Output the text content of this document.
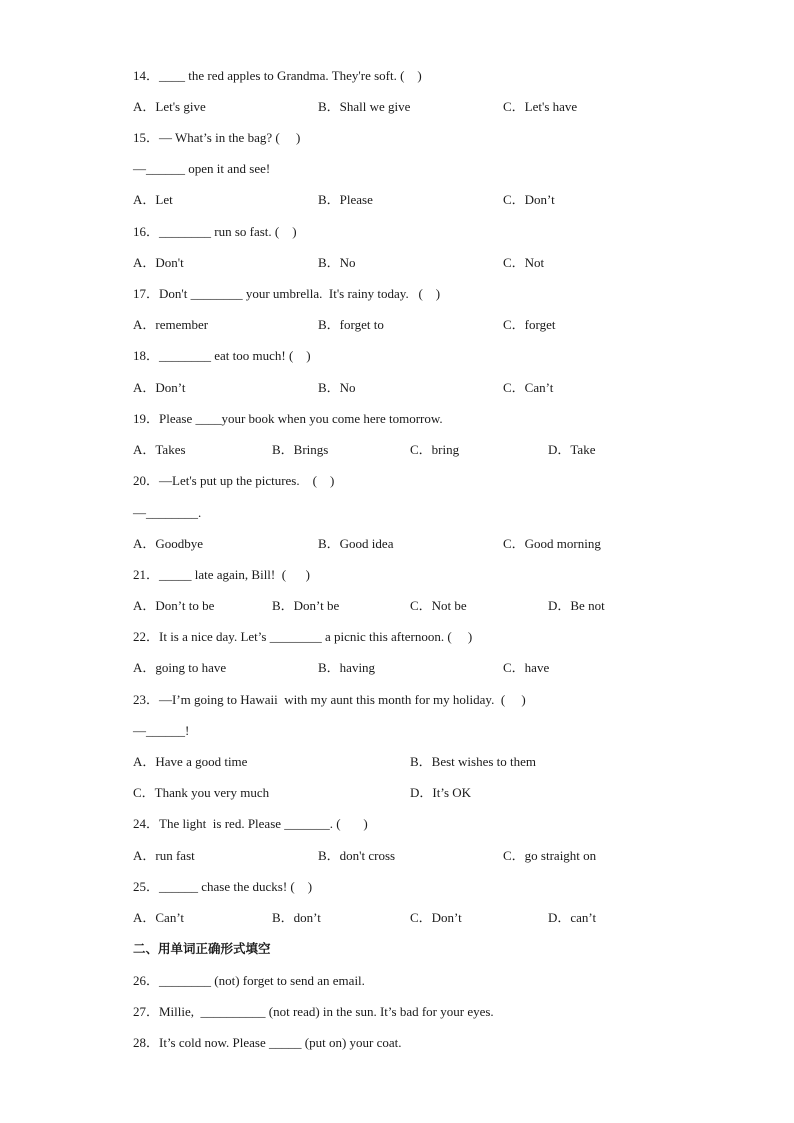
14．____ the red apples to Grandma. They're soft. (    )
A．Let's give	B．Shall we give	C．Let's have
15．— What’s in the bag? (     )
—______ open it and see!
A．Let	B．Please	C．Don’t
16．________ run so fast. (    )
A．Don't	B．No	C．Not
17．Don't ________ your umbrella.  It's rainy today.   (    )
A．remember	B．forget to	C．forget
18．________ eat too much! (    )
A．Don’t	B．No	C．Can’t
19．Please ____your book when you come here tomorrow.
A．Takes	B．Brings	C．bring	D．Take
20．—Let's put up the pictures.    (    )
—________.
A．Goodbye	B．Good idea	C．Good morning
21．_____ late again, Bill!  (      )
A．Don’t to be	B．Don’t be	C．Not be	D．Be not
22．It is a nice day. Let’s ________ a picnic this afternoon. (     )
A．going to have	B．having	C．have
23．—I’m going to Hawaii  with my aunt this month for my holiday.  (     )
—______!
A．Have a good time	B．Best wishes to them
C．Thank you very much	D．It’s OK
24．The light  is red. Please _______. (       )
A．run fast	B．don't cross	C．go straight on
25．______ chase the ducks! (    )
A．Can’t	B．don’t	C．Don’t	D．can’t
二、用单词正确形式填空
26．________ (not) forget to send an email.
27．Millie,  __________ (not read) in the sun. It’s bad for your eyes.
28．It’s cold now. Please _____ (put on) your coat.
